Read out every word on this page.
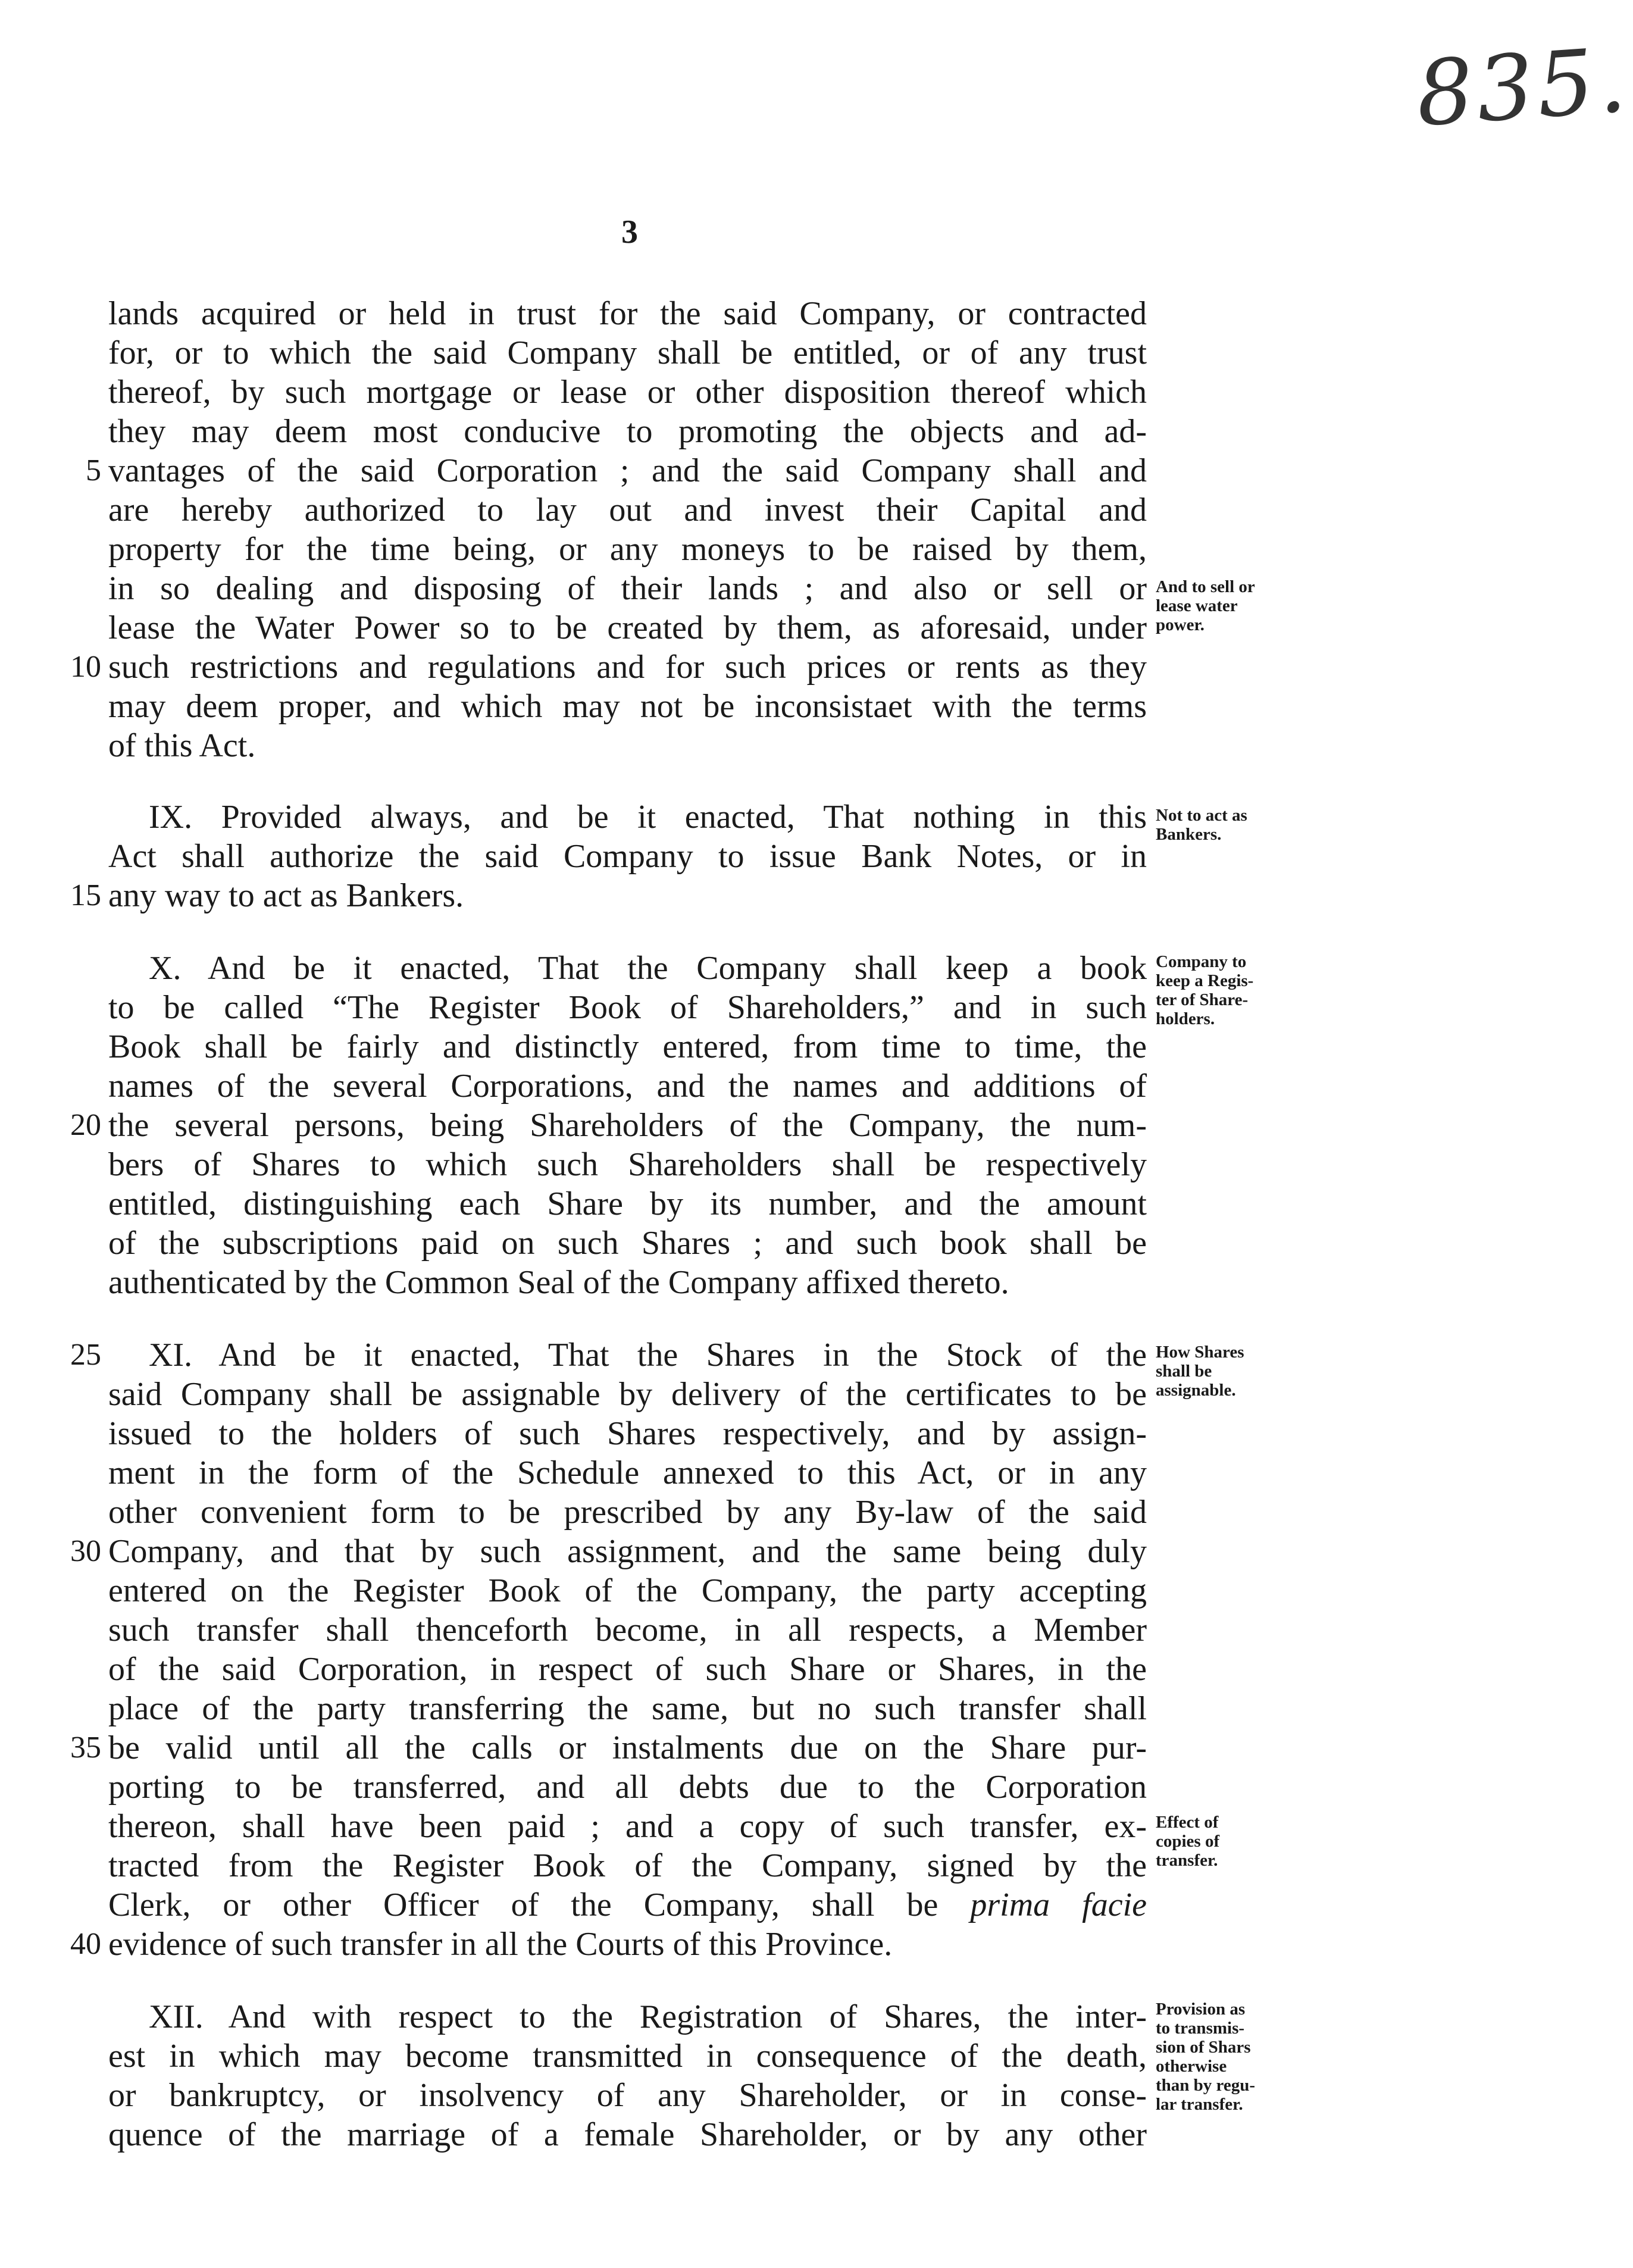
835.
3
lands acquired or held in trust for the said Company, or contracted
for, or to which the said Company shall be entitled, or of any trust
thereof, by such mortgage or lease or other disposition thereof which
they may deem most conducive to promoting the objects and ad-
vantages of the said Corporation ; and the said Company shall and
are hereby authorized to lay out and invest their Capital and
property for the time being, or any moneys to be raised by them,
in so dealing and disposing of their lands ; and also or sell or
lease the Water Power so to be created by them, as aforesaid, under
such restrictions and regulations and for such prices or rents as they
may deem proper, and which may not be inconsistaet with the terms
of this Act.
IX. Provided always, and be it enacted, That nothing in this
Act shall authorize the said Company to issue Bank Notes, or in
any way to act as Bankers.
X. And be it enacted, That the Company shall keep a book
to be called “The Register Book of Shareholders,” and in such
Book shall be fairly and distinctly entered, from time to time, the
names of the several Corporations, and the names and additions of
the several persons, being Shareholders of the Company, the num-
bers of Shares to which such Shareholders shall be respectively
entitled, distinguishing each Share by its number, and the amount
of the subscriptions paid on such Shares ; and such book shall be
authenticated by the Common Seal of the Company affixed thereto.
XI. And be it enacted, That the Shares in the Stock of the
said Company shall be assignable by delivery of the certificates to be
issued to the holders of such Shares respectively, and by assign-
ment in the form of the Schedule annexed to this Act, or in any
other convenient form to be prescribed by any By-law of the said
Company, and that by such assignment, and the same being duly
entered on the Register Book of the Company, the party accepting
such transfer shall thenceforth become, in all respects, a Member
of the said Corporation, in respect of such Share or Shares, in the
place of the party transferring the same, but no such transfer shall
be valid until all the calls or instalments due on the Share pur-
porting to be transferred, and all debts due to the Corporation
thereon, shall have been paid ; and a copy of such transfer, ex-
tracted from the Register Book of the Company, signed by the
Clerk, or other Officer of the Company, shall be prima facie
evidence of such transfer in all the Courts of this Province.
XII. And with respect to the Registration of Shares, the inter-
est in which may become transmitted in consequence of the death,
or bankruptcy, or insolvency of any Shareholder, or in conse-
quence of the marriage of a female Shareholder, or by any other
5
10
15
20
25
30
35
40
And to sell or
lease water
power.
Not to act as
Bankers.
Company to
keep a Regis-
ter of Share-
holders.
How Shares
shall be
assignable.
Effect of
copies of
transfer.
Provision as
to transmis-
sion of Shars
otherwise
than by regu-
lar transfer.
